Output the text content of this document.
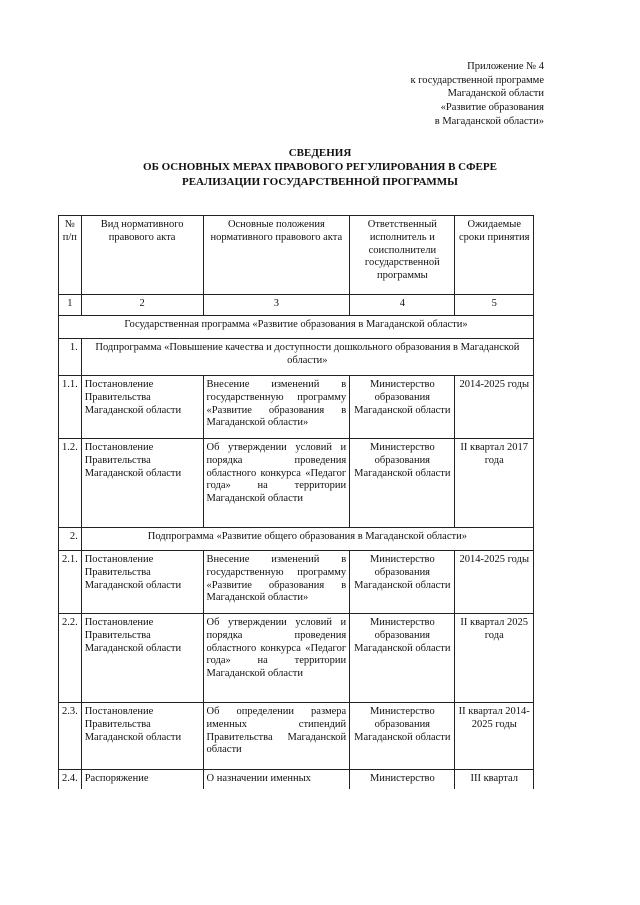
Приложение № 4
к государственной программе
Магаданской области
«Развитие образования
в Магаданской области»
СВЕДЕНИЯ
ОБ ОСНОВНЫХ МЕРАХ ПРАВОВОГО РЕГУЛИРОВАНИЯ В СФЕРЕ
РЕАЛИЗАЦИИ ГОСУДАРСТВЕННОЙ ПРОГРАММЫ
№ п/п	Вид нормативного правового акта	Основные положения нормативного правового акта	Ответственный исполнитель и соисполнители государственной программы	Ожидаемые сроки принятия
1	2	3	4	5
Государственная программа «Развитие образования в Магаданской области»				
1.	Подпрограмма «Повышение качества и доступности дошкольного образования в Магаданской области»			
1.1.	Постановление Правительства Магаданской области	Внесение изменений в государственную программу «Развитие образования в Магаданской области»	Министерство образования Магаданской области	2014-2025 годы
1.2.	Постановление Правительства Магаданской области	Об утверждении условий и порядка проведения областного конкурса «Педагог года» на территории Магаданской области	Министерство образования Магаданской области	II квартал 2017 года
2.	Подпрограмма «Развитие общего образования в Магаданской области»			
2.1.	Постановление Правительства Магаданской области	Внесение изменений в государственную программу «Развитие образования в Магаданской области»	Министерство образования Магаданской области	2014-2025 годы
2.2.	Постановление Правительства Магаданской области	Об утверждении условий и порядка проведения областного конкурса «Педагог года» на территории Магаданской области	Министерство образования Магаданской области	II квартал 2025 года
2.3.	Постановление Правительства Магаданской области	Об определении размера именных стипендий Правительства Магаданской области	Министерство образования Магаданской области	II квартал 2014-2025 годы
2.4.	Распоряжение	О назначении именных	Министерство	III квартал
